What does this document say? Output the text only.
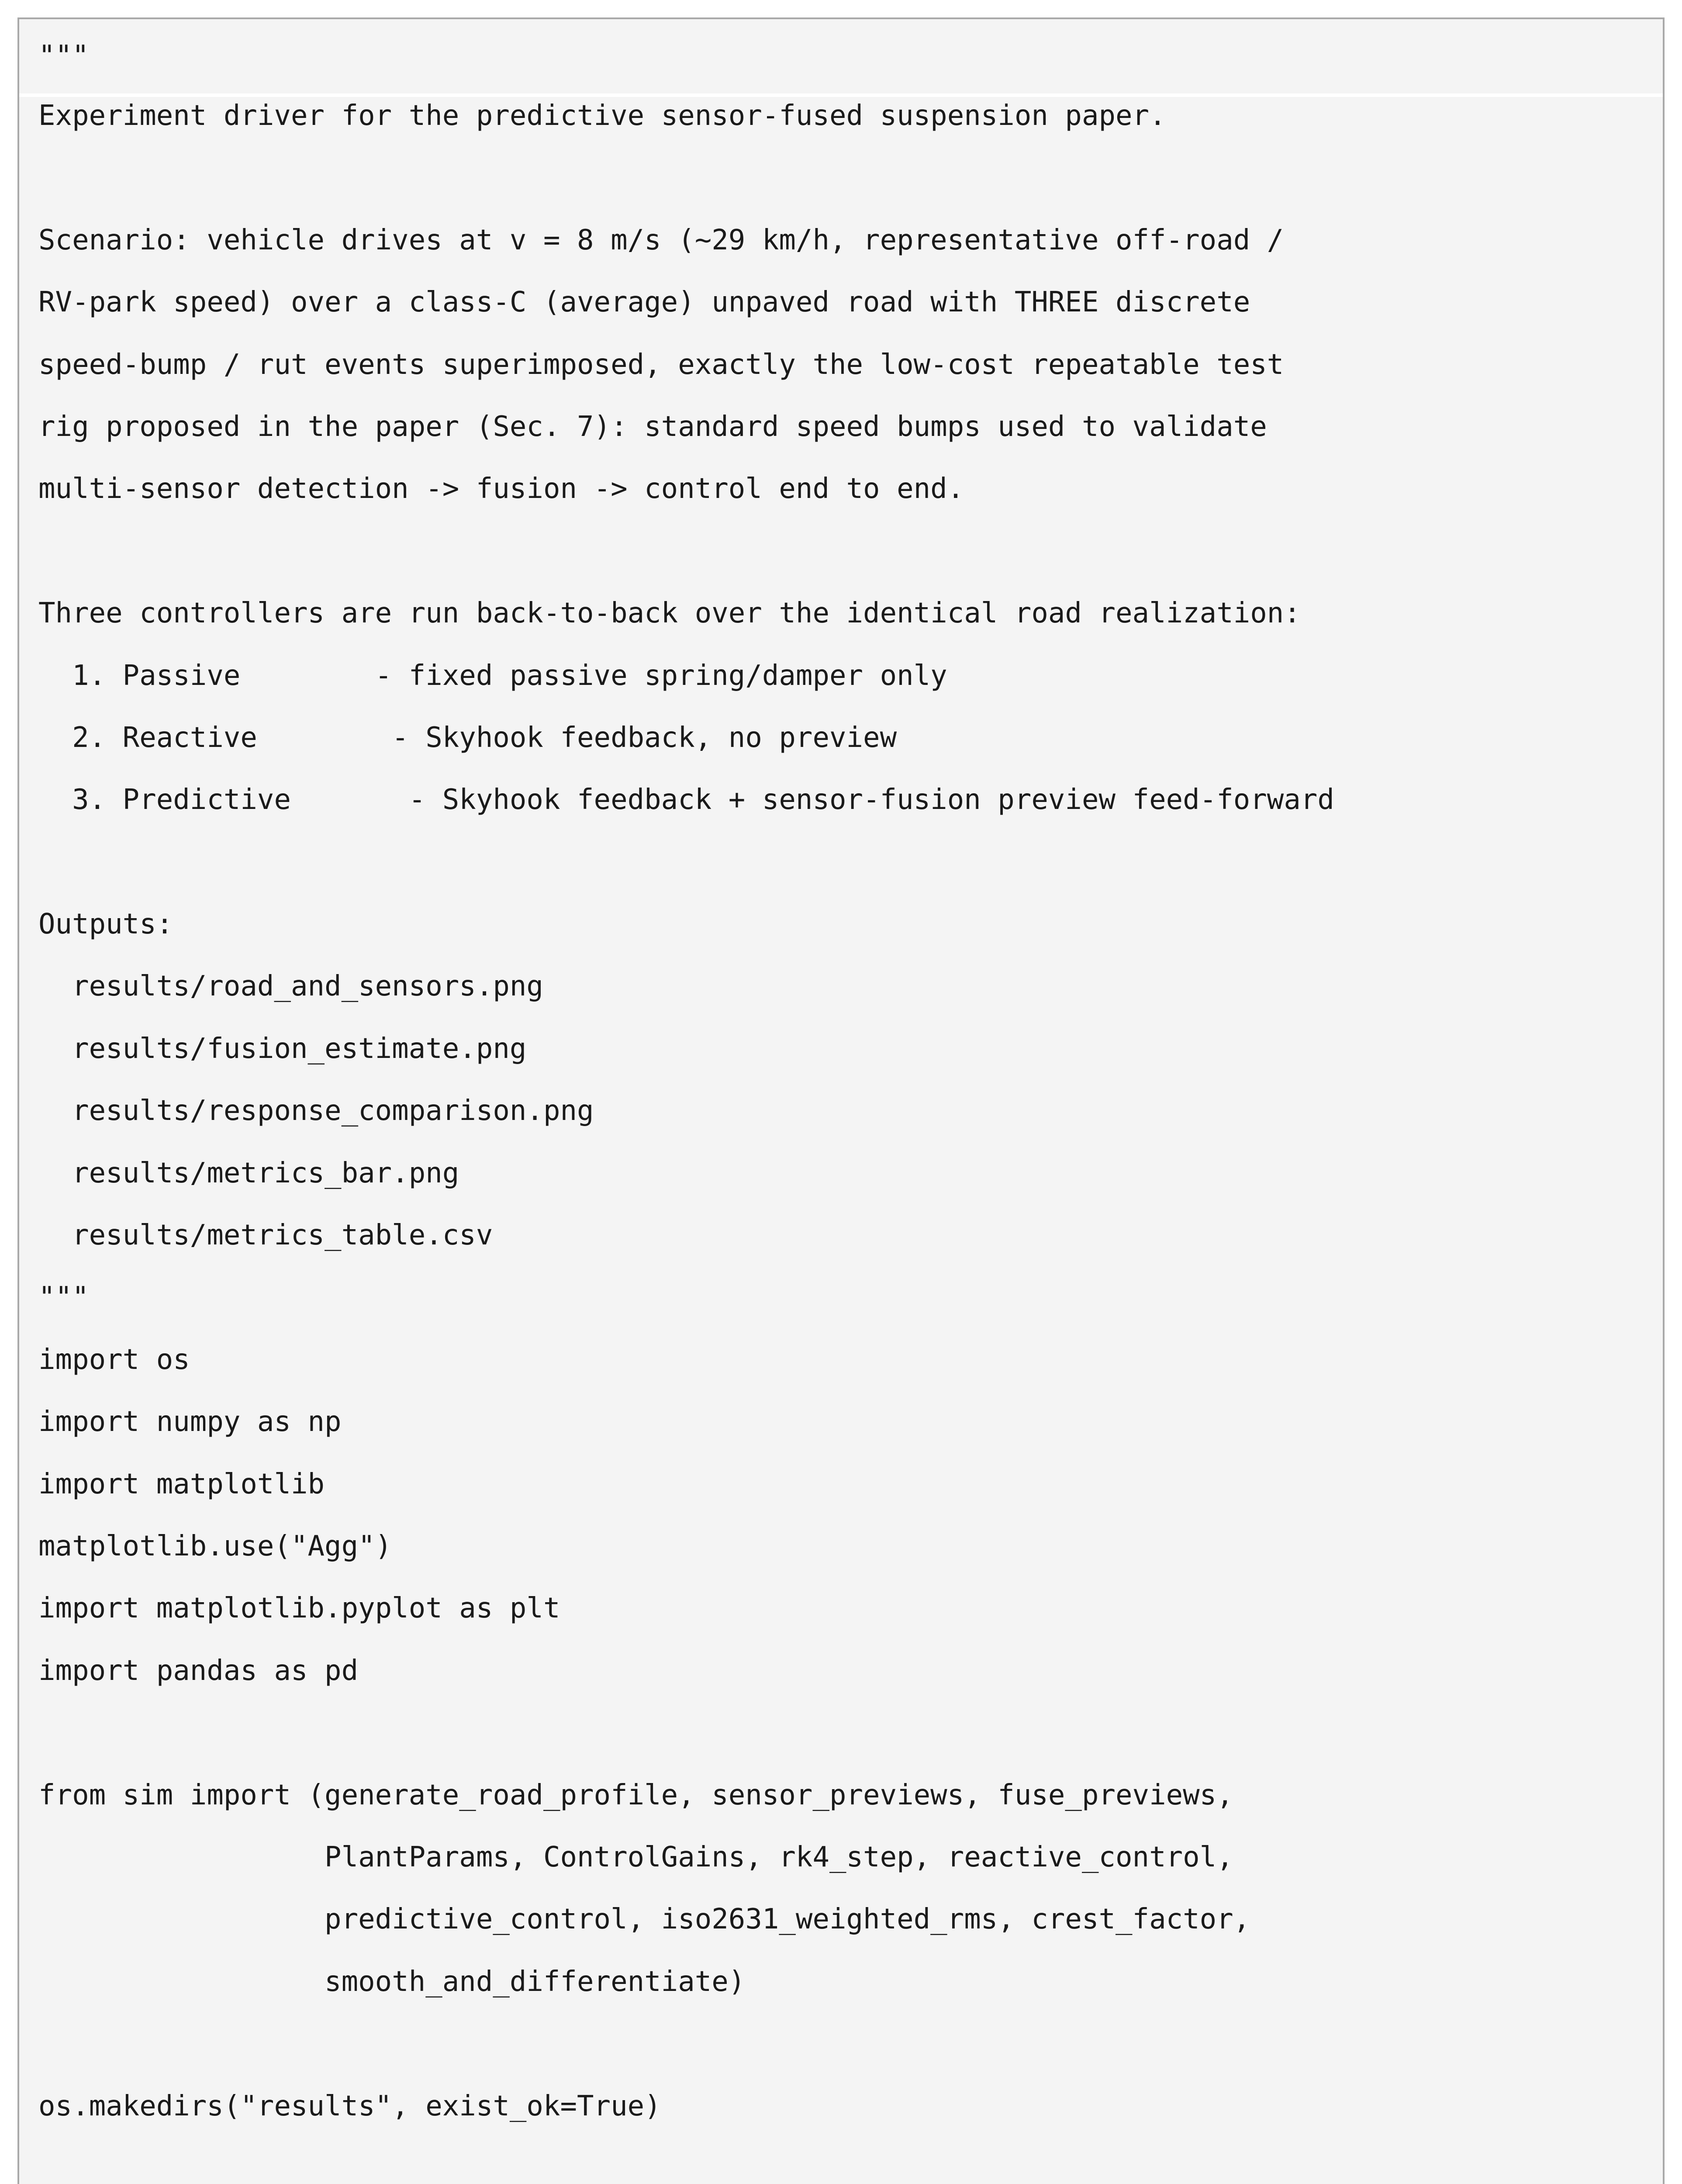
"""
Experiment driver for the predictive sensor-fused suspension paper.
Scenario: vehicle drives at v = 8 m/s (~29 km/h, representative off-road /
RV-park speed) over a class-C (average) unpaved road with THREE discrete
speed-bump / rut events superimposed, exactly the low-cost repeatable test
rig proposed in the paper (Sec. 7): standard speed bumps used to validate
multi-sensor detection -> fusion -> control end to end.
Three controllers are run back-to-back over the identical road realization:
1. Passive        - fixed passive spring/damper only
2. Reactive        - Skyhook feedback, no preview
3. Predictive       - Skyhook feedback + sensor-fusion preview feed-forward
Outputs:
results/road_and_sensors.png
results/fusion_estimate.png
results/response_comparison.png
results/metrics_bar.png
results/metrics_table.csv
"""
import os
import numpy as np
import matplotlib
matplotlib.use("Agg")
import matplotlib.pyplot as plt
import pandas as pd
from sim import (generate_road_profile, sensor_previews, fuse_previews,
PlantParams, ControlGains, rk4_step, reactive_control,
predictive_control, iso2631_weighted_rms, crest_factor,
smooth_and_differentiate)
os.makedirs("results", exist_ok=True)
